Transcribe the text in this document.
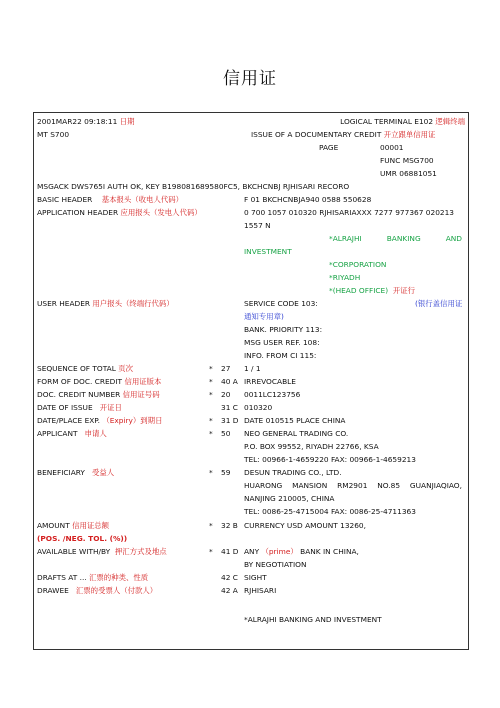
信用证
2001MAR22 09:18:11 日期	LOGICAL TERMINAL E102 逻辑终端
MT S700	ISSUE OF A DOCUMENTARY CREDIT 开立跟单信用证
PAGE	00001
FUNC MSG700
UMR 06881051
MSGACK DWS765I AUTH OK, KEY B198081689580FC5, BKCHCNBJ RJHISARI RECORO
BASIC HEADER 基本报头（收电人代码）	F 01 BKCHCNBJA940 0588 550628
APPLICATION HEADER 应用报头（发电人代码）	0 700 1057 010320 RJHISARIAXXX 7277 977367 020213
1557 N
*ALRAJHI	BANKING	AND
INVESTMENT
*CORPORATION
*RIYADH
*(HEAD OFFICE) 开证行
USER HEADER 用户报头（终端行代码）	SERVICE CODE 103:	(银行盖信用证
通知专用章)
BANK. PRIORITY 113:
MSG USER REF. 108:
INFO. FROM CI 115:
SEQUENCE OF TOTAL 页次	* 27 1 / 1
FORM OF DOC. CREDIT 信用证版本	* 40 A IRREVOCABLE
DOC. CREDIT NUMBER 信用证号码	* 20 0011LC123756
DATE OF ISSUE 开证日	31 C 010320
DATE/PLACE EXP. （Expiry）到期日	* 31 D DATE 010515 PLACE CHINA
APPLICANT 申请人	* 50 NEO GENERAL TRADING CO.
P.O. BOX 99552, RIYADH 22766, KSA
TEL: 00966-1-4659220 FAX: 00966-1-4659213
BENEFICIARY 受益人	* 59 DESUN TRADING CO., LTD.
HUARONG MANSION RM2901 NO.85 GUANJIAQIAO,
NANJING 210005, CHINA
TEL: 0086-25-4715004 FAX: 0086-25-4711363
AMOUNT 信用证总额	* 32 B CURRENCY USD AMOUNT 13260,
(POS. /NEG. TOL. (%))
AVAILABLE WITH/BY 押汇方式及地点	* 41 D ANY （prime） BANK IN CHINA,
BY NEGOTIATION
DRAFTS AT ... 汇票的种类、性质	42 C SIGHT
DRAWEE 汇票的受票人（付款人）	42 A RJHISARI
*ALRAJHI BANKING AND INVESTMENT
